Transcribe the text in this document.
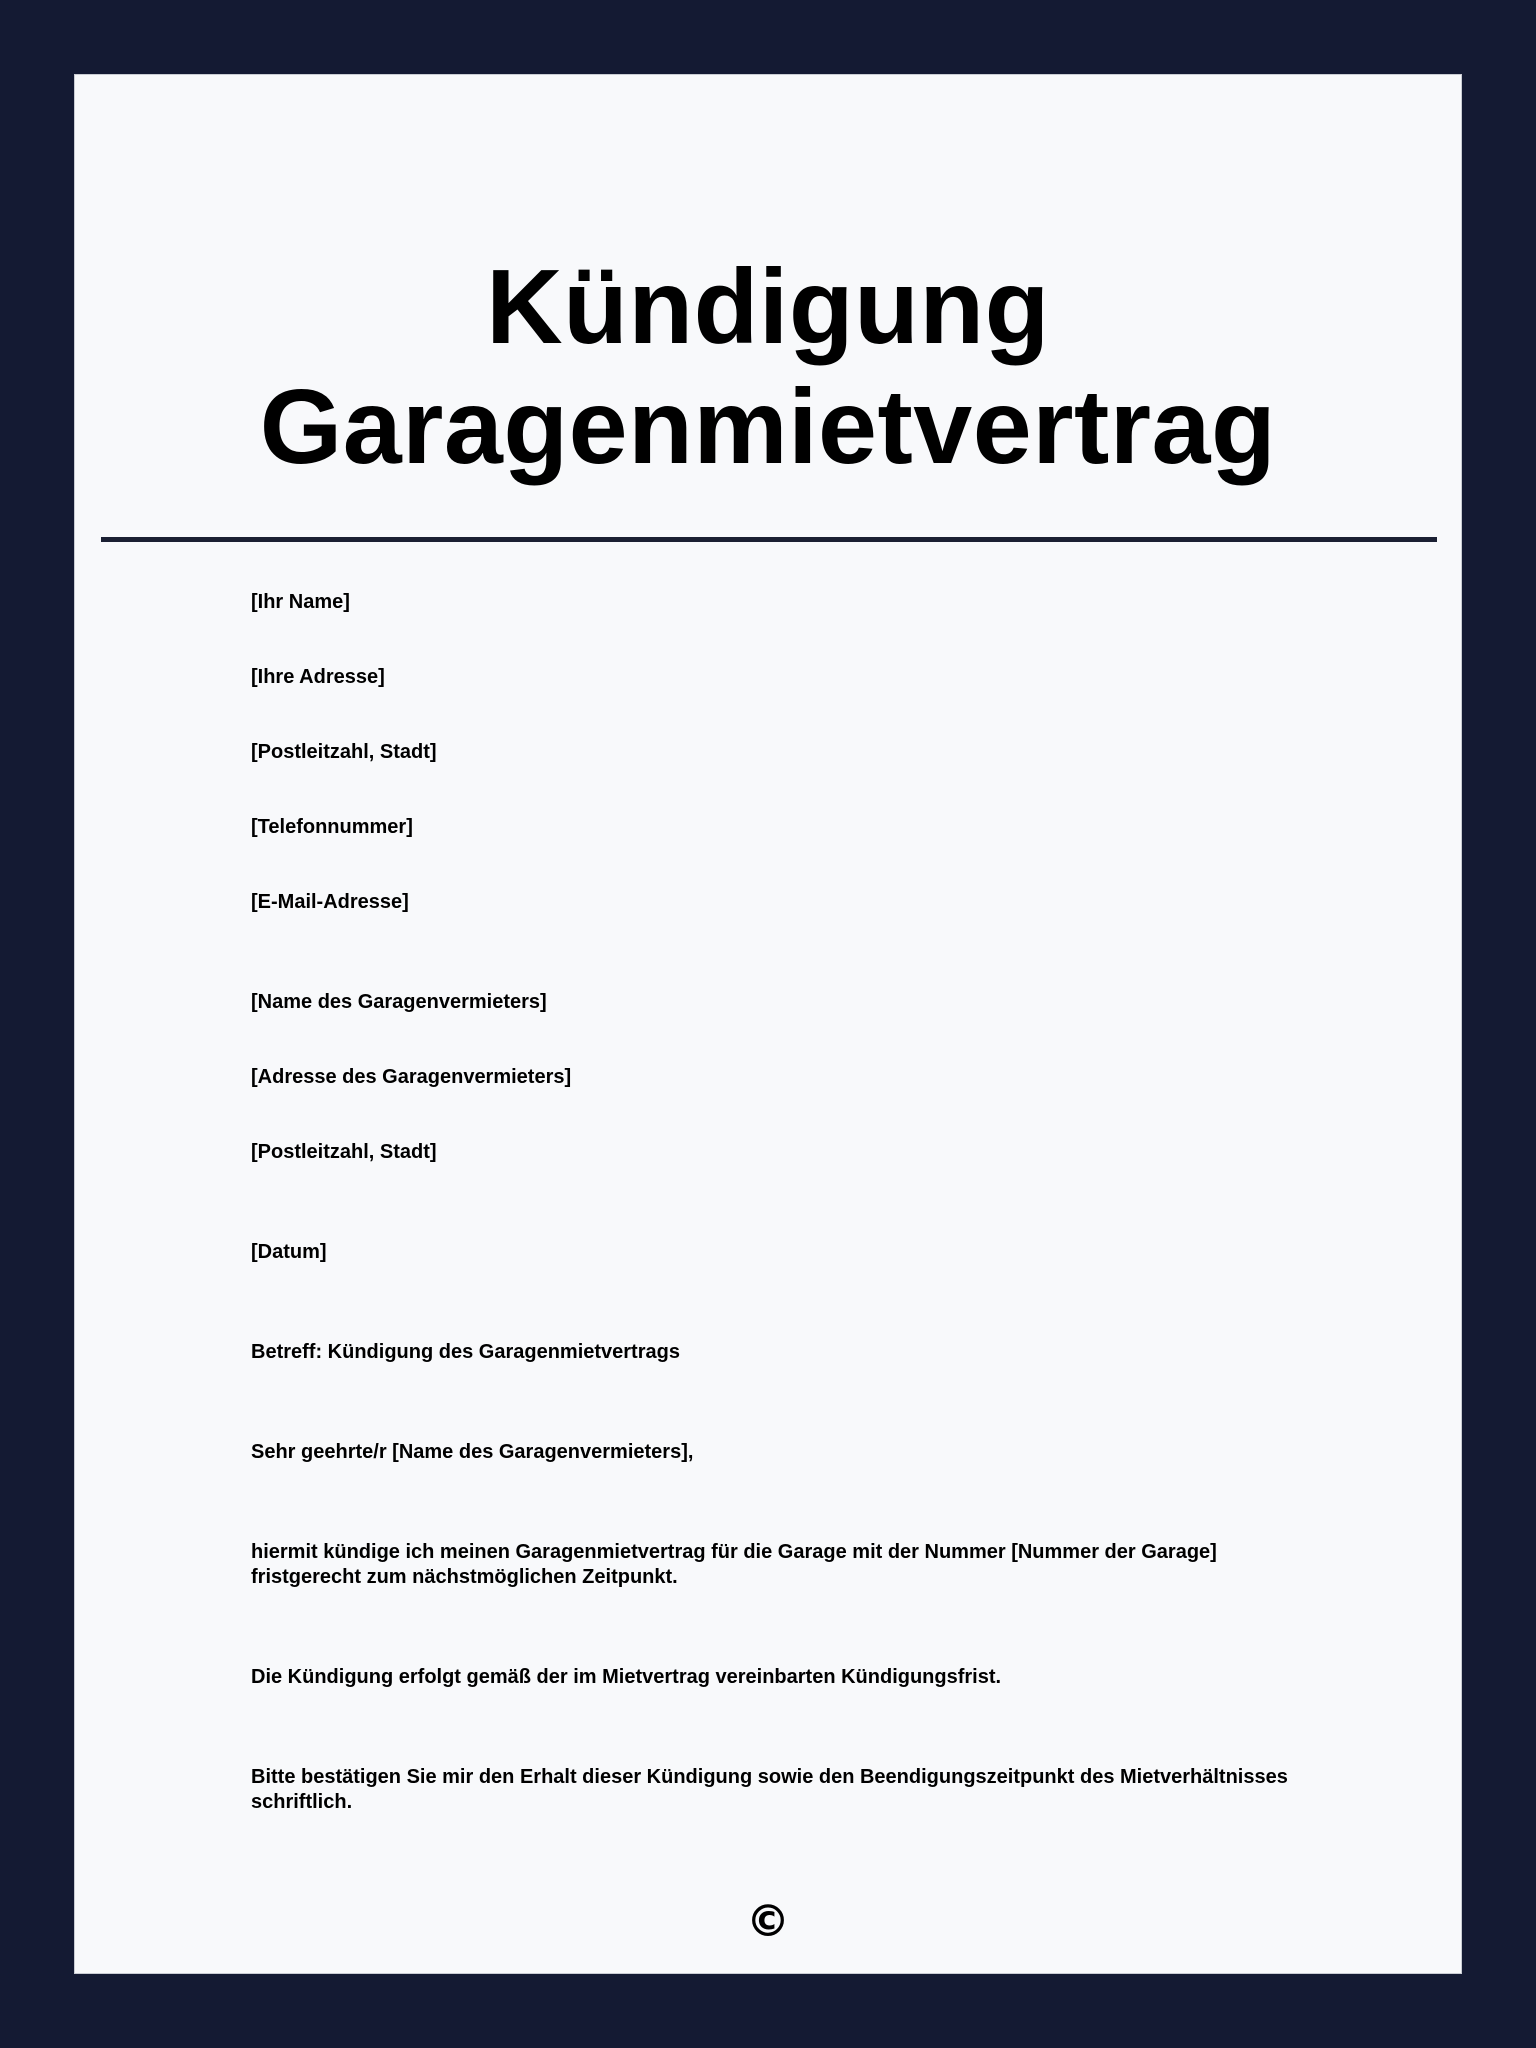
Kündigung
Garagenmietvertrag

[Ihr Name]

[Ihre Adresse]

[Postleitzahl, Stadt]

[Telefonnummer]

[E-Mail-Adresse]

[Name des Garagenvermieters]

[Adresse des Garagenvermieters]

[Postleitzahl, Stadt]

[Datum]

Betreff: Kündigung des Garagenmietvertrags

Sehr geehrte/r [Name des Garagenvermieters],

hiermit kündige ich meinen Garagenmietvertrag für die Garage mit der Nummer [Nummer der Garage] fristgerecht zum nächstmöglichen Zeitpunkt.

Die Kündigung erfolgt gemäß der im Mietvertrag vereinbarten Kündigungsfrist.

Bitte bestätigen Sie mir den Erhalt dieser Kündigung sowie den Beendigungszeitpunkt des Mietverhältnisses schriftlich.

©
